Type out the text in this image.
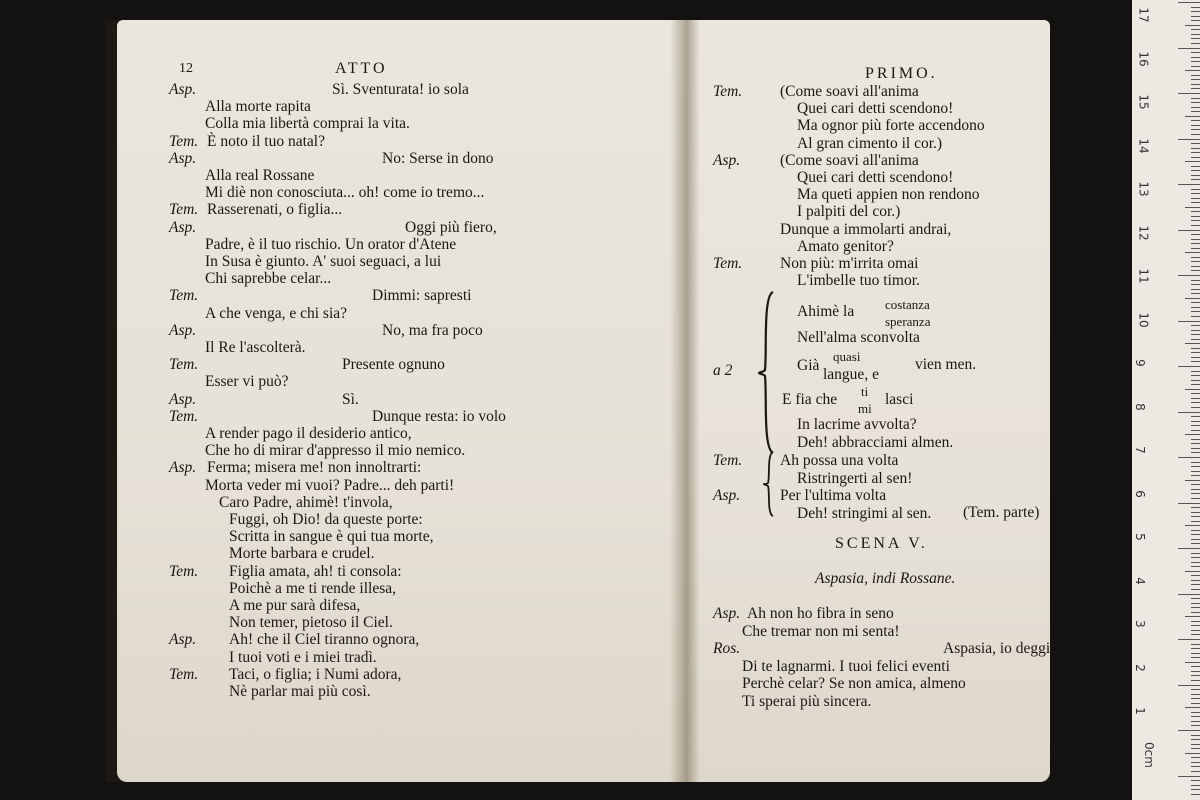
12	ATTO
Asp.	Sì. Sventurata! io sola
Alla morte rapita
Colla mia libertà comprai la vita.
Tem. È noto il tuo natal?
Asp.	No: Serse in dono
Alla real Rossane
Mi diè non conosciuta... oh! come io tremo...
Tem. Rasserenati, o figlia...
Asp.	Oggi più fiero,
Padre, è il tuo rischio. Un orator d'Atene
In Susa è giunto. A' suoi seguaci, a lui
Chi saprebbe celar...
Tem.	Dimmi: sapresti
A che venga, e chi sia?
Asp.	No, ma fra poco
Il Re l'ascolterà.
Tem.	Presente ognuno
Esser vi può?
Asp.	Sì.
Tem.	Dunque resta: io volo
A render pago il desiderio antico,
Che ho di mirar d'appresso il mio nemico.
Asp. Ferma; misera me! non innoltrarti:
Morta veder mi vuoi? Padre... deh parti!
Caro Padre, ahimè! t'invola,
Fuggi, oh Dio! da queste porte:
Scritta in sangue è qui tua morte,
Morte barbara e crudel.
Tem. Figlia amata, ah! ti consola:
Poichè a me ti rende illesa,
A me pur sarà difesa,
Non temer, pietoso il Ciel.
Asp. Ah! che il Ciel tiranno ognora,
I tuoi voti e i miei tradì.
Tem. Taci, o figlia; i Numi adora,
Nè parlar mai più così.
PRIMO.	13
Tem. (Come soavi all'anima
Quei cari detti scendono!
Ma ognor più forte accendono
Al gran cimento il cor.)
Asp.	(Come soavi all'anima
Quei cari detti scendono!
Ma queti appien non rendono
I palpiti del cor.)
Dunque a immolarti andrai,
Amato genitor?
Tem. Non più: m'irrita omai
L'imbelle tuo timor.
a 2
Ahimè la costanza
speranza
Nell'alma sconvolta
Già
quasi
langue, e
vien men.
E fia che ti
mi
lasci
In lacrime avvolta?
Deh! abbracciami almen.
Tem. Ah possa una volta
Ristringerti al sen!
Asp.	Per l'ultima volta
Deh! stringimi al sen. (Tem. parte)
SCENA V.
Aspasia, indi Rossane.
Asp. Ah non ho fibra in seno
Che tremar non mi senta!
Ros.	Aspasia, io deggio
Di te lagnarmi. I tuoi felici eventi
Perchè celar? Se non amica, almeno
Ti sperai più sincera.
17
16
15
14
13
12
11
10
9
8
7
6
5
4
3
2
1
0cm
